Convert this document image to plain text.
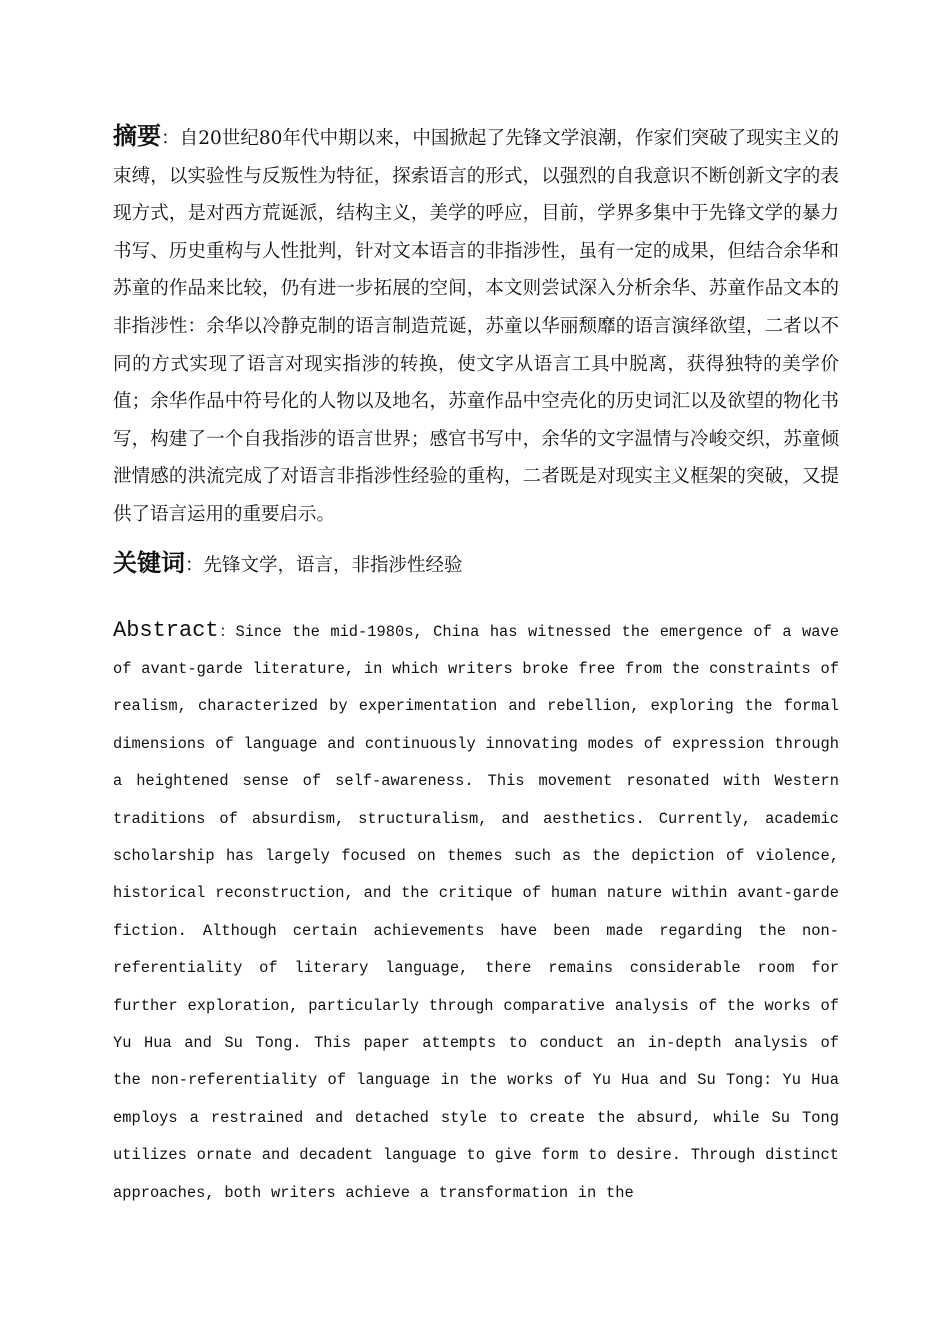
摘要：自20世纪80年代中期以来，中国掀起了先锋文学浪潮，作家们突破了现实主义的束缚，以实验性与反叛性为特征，探索语言的形式，以强烈的自我意识不断创新文字的表现方式，是对西方荒诞派，结构主义，美学的呼应，目前，学界多集中于先锋文学的暴力书写、历史重构与人性批判，针对文本语言的非指涉性，虽有一定的成果，但结合余华和苏童的作品来比较，仍有进一步拓展的空间，本文则尝试深入分析余华、苏童作品文本的非指涉性：余华以冷静克制的语言制造荒诞，苏童以华丽颓靡的语言演绎欲望，二者以不同的方式实现了语言对现实指涉的转换，使文字从语言工具中脱离，获得独特的美学价值；余华作品中符号化的人物以及地名，苏童作品中空壳化的历史词汇以及欲望的物化书写，构建了一个自我指涉的语言世界；感官书写中，余华的文字温情与冷峻交织，苏童倾泄情感的洪流完成了对语言非指涉性经验的重构，二者既是对现实主义框架的突破，又提供了语言运用的重要启示。

关键词：先锋文学，语言，非指涉性经验

Abstract：Since the mid-1980s, China has witnessed the emergence of a wave of avant-garde literature, in which writers broke free from the constraints of realism, characterized by experimentation and rebellion, exploring the formal dimensions of language and continuously innovating modes of expression through a heightened sense of self-awareness. This movement resonated with Western traditions of absurdism, structuralism, and aesthetics. Currently, academic scholarship has largely focused on themes such as the depiction of violence, historical reconstruction, and the critique of human nature within avant-garde fiction. Although certain achievements have been made regarding the non-referentiality of literary language, there remains considerable room for further exploration, particularly through comparative analysis of the works of Yu Hua and Su Tong. This paper attempts to conduct an in-depth analysis of the non-referentiality of language in the works of Yu Hua and Su Tong: Yu Hua employs a restrained and detached style to create the absurd, while Su Tong utilizes ornate and decadent language to give form to desire. Through distinct approaches, both writers achieve a transformation in the
